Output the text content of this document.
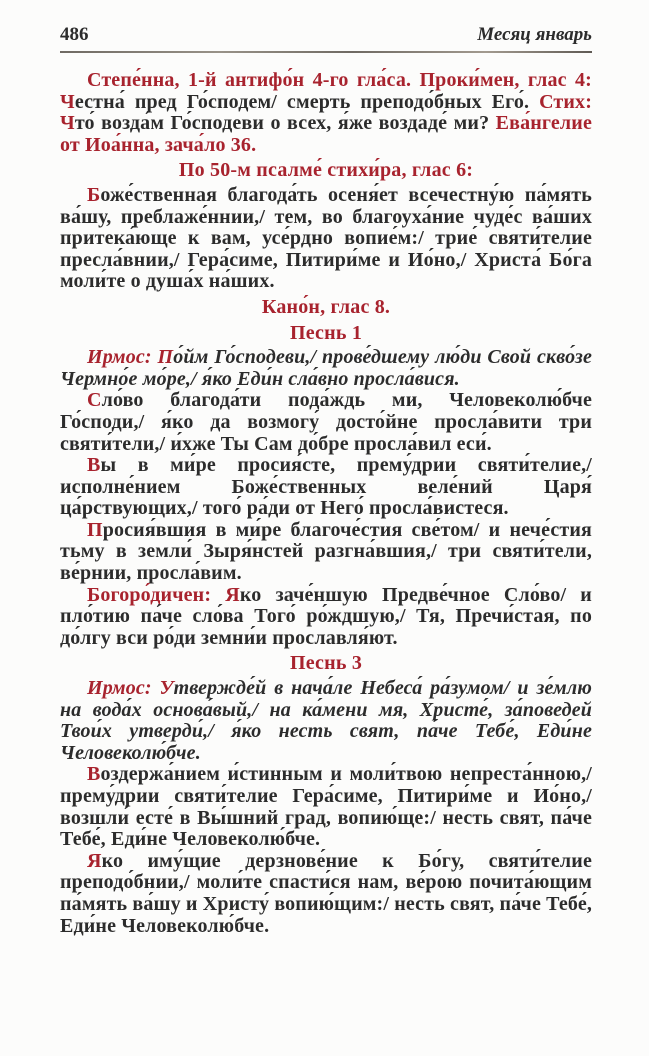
486	Месяц январь

Степе́нна, 1-й антифо́н 4-го гла́са. Проки́мен, глас 4: Честна́ пред Го́сподем/ смерть преподо́бных Его́. Стих: Что́ возда́м Го́сподеви о всех, я́же воздаде́ ми? Ева́нгелие от Иоа́нна, зача́ло 36.

По 50-м псалме́ стихи́ра, глас 6:

Боже́ственная благода́ть осеня́ет всечестну́ю па́мять ва́шу, преблаже́ннии,/ тем, во благоуха́ние чуде́с ва́ших притека́юще к вам, усе́рдно вопие́м:/ трие́ святи́телие пресла́внии,/ Гера́симе, Питири́ме и Ио́но,/ Христа́ Бо́га моли́те о душа́х на́ших.

Кано́н, глас 8.
Песнь 1

Ирмос: По́йм Го́сподеви,/ прове́дшему лю́ди Свой скво́зе Чермно́е мо́ре,/ я́ко Еди́н сла́вно просла́вися.

Сло́во благода́ти пода́ждь ми, Человеколю́бче Го́споди,/ я́ко да возмогу́ досто́йне просла́вити три святи́тели,/ и́хже Ты Сам до́бре просла́вил еси́.

Вы в ми́ре просия́сте, прему́дрии святи́телие,/ исполне́нием Боже́ственных веле́ний Царя́ ца́рствующих,/ того́ ра́ди от Него́ просла́вистеся.

Просия́вшия в ми́ре благоче́стия све́том/ и нече́стия тьму в земли́ Зыря́нстей разгна́вшия,/ три святи́тели, ве́рнии, просла́вим.

Богоро́дичен: Яко заче́ншую Предве́чное Сло́во/ и пло́тию па́че сло́ва Того́ ро́ждшую,/ Тя, Пречи́стая, по до́лгу вси ро́ди земни́и прославля́ют.

Песнь 3

Ирмос: Утвержде́й в нача́ле Небеса́ ра́зумом/ и зе́млю на вода́х основа́вый,/ на ка́мени мя, Христе́, за́поведей Твои́х утверди́,/ я́ко несть свят, па́че Тебе́, Еди́не Человеколю́бче.

Воздержа́нием и́стинным и моли́твою непреста́нною,/ прему́дрии святи́телие Гера́симе, Питири́ме и Ио́но,/ возшли́ есте́ в Вы́шний град, вопию́ще:/ несть свят, па́че Тебе́, Еди́не Человеколю́бче.

Яко иму́щие дерзнове́ние к Бо́гу, святи́телие преподо́бнии,/ моли́те спасти́ся нам, ве́рою почита́ющим па́мять ва́шу и Христу́ вопию́щим:/ несть свят, па́че Тебе́, Еди́не Человеколю́бче.
